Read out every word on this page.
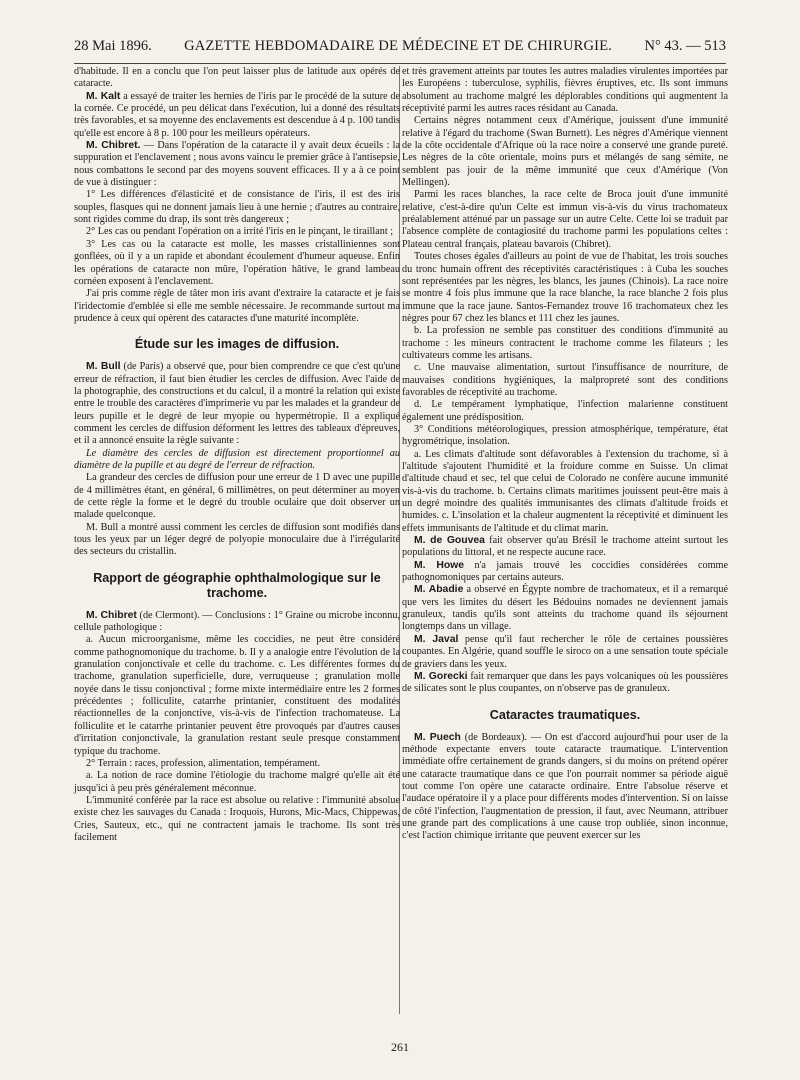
28 Mai 1896. GAZETTE HEBDOMADAIRE DE MÉDECINE ET DE CHIRURGIE. N° 43. — 513

d'habitude. Il en a conclu que l'on peut laisser plus de latitude aux opérés de cataracte.

M. Kalt a essayé de traiter les hernies de l'iris par le procédé de la suture de la cornée. Ce procédé, un peu délicat dans l'exécution, lui a donné des résultats très favorables, et sa moyenne des enclavements est descendue à 4 p. 100 tandis qu'elle est encore à 8 p. 100 pour les meilleurs opérateurs.

M. Chibret. — Dans l'opération de la cataracte il y avait deux écueils : la suppuration et l'enclavement ; nous avons vaincu le premier grâce à l'antisepsie, nous combattons le second par des moyens souvent efficaces. Il y a à ce point de vue à distinguer :

1° Les différences d'élasticité et de consistance de l'iris, il est des iris souples, flasques qui ne donnent jamais lieu à une hernie ; d'autres au contraire, sont rigides comme du drap, ils sont très dangereux ;

2° Les cas ou pendant l'opération on a irrité l'iris en le pinçant, le tiraillant ;

3° Les cas ou la cataracte est molle, les masses cristalliniennes sont gonflées, où il y a un rapide et abondant écoulement d'humeur aqueuse. Enfin les opérations de cataracte non mûre, l'opération hâtive, le grand lambeau cornéen exposent à l'enclavement.

J'ai pris comme règle de tâter mon iris avant d'extraire la cataracte et je fais l'iridectomie d'emblée si elle me semble nécessaire. Je recommande surtout ma prudence à ceux qui opèrent des cataractes d'une maturité incomplète.

Étude sur les images de diffusion.

M. Bull (de Paris) a observé que, pour bien comprendre ce que c'est qu'une erreur de réfraction, il faut bien étudier les cercles de diffusion. Avec l'aide de la photographie, des constructions et du calcul, il a montré la relation qui existe entre le trouble des caractères d'imprimerie vu par les malades et la grandeur de leurs pupille et le degré de leur myopie ou hypermétropie. Il a expliqué comment les cercles de diffusion déforment les lettres des tableaux d'épreuves, et il a annoncé ensuite la règle suivante :

Le diamètre des cercles de diffusion est directement proportionnel au diamètre de la pupille et au degré de l'erreur de réfraction.

La grandeur des cercles de diffusion pour une erreur de 1 D avec une pupille de 4 millimètres étant, en général, 6 millimètres, on peut déterminer au moyen de cette règle la forme et le degré du trouble oculaire que doit observer un malade quelconque.

M. Bull a montré aussi comment les cercles de diffusion sont modifiés dans tous les yeux par un léger degré de polyopie monoculaire due à l'irrégularité des secteurs du cristallin.

Rapport de géographie ophthalmologique sur le trachome.

M. Chibret (de Clermont). — Conclusions : 1° Graine ou microbe inconnu, cellule pathologique :

a. Aucun microorganisme, même les coccidies, ne peut être considéré comme pathognomonique du trachome. b. Il y a analogie entre l'évolution de la granulation conjonctivale et celle du trachome. c. Les différentes formes du trachome, granulation superficielle, dure, verruqueuse ; granulation molle noyée dans le tissu conjonctival ; forme mixte intermédiaire entre les 2 formes précédentes ; folliculite, catarrhe printanier, constituent des modalités réactionnelles de la conjonctive, vis-à-vis de l'infection trachomateuse. La folliculite et le catarrhe printanier peuvent être provoqués par d'autres causes d'irritation conjonctivale, la granulation restant seule presque constamment typique du trachome.

2° Terrain : races, profession, alimentation, tempérament.

a. La notion de race domine l'étiologie du trachome malgré qu'elle ait été jusqu'ici à peu près généralement méconnue.

L'immunité conférée par la race est absolue ou relative : l'immunité absolue existe chez les sauvages du Canada : Iroquois, Hurons, Mic-Macs, Chippewas, Cries, Sauteux, etc., qui ne contractent jamais le trachome. Ils sont très facilement

et très gravement atteints par toutes les autres maladies virulentes importées par les Européens : tuberculose, syphilis, fièvres éruptives, etc. Ils sont immuns absolument au trachome malgré les déplorables conditions qui augmentent la réceptivité parmi les autres races résidant au Canada.

Certains nègres notamment ceux d'Amérique, jouissent d'une immunité relative à l'égard du trachome (Swan Burnett). Les nègres d'Amérique viennent de la côte occidentale d'Afrique où la race noire a conservé une grande pureté. Les nègres de la côte orientale, moins purs et mélangés de sang sémite, ne semblent pas jouir de la même immunité que ceux d'Amérique (Von Mellingen).

Parmi les races blanches, la race celte de Broca jouit d'une immunité relative, c'est-à-dire qu'un Celte est immun vis-à-vis du virus trachomateux préalablement atténué par un passage sur un autre Celte. Cette loi se traduit par l'absence complète de contagiosité du trachome parmi les populations celtes : Plateau central français, plateau bavarois (Chibret).

Toutes choses égales d'ailleurs au point de vue de l'habitat, les trois souches du tronc humain offrent des réceptivités caractéristiques : à Cuba les souches sont représentées par les nègres, les blancs, les jaunes (Chinois). La race noire se montre 4 fois plus immune que la race blanche, la race blanche 2 fois plus immune que la race jaune. Santos-Fernandez trouve 16 trachomateux chez les nègres pour 67 chez les blancs et 111 chez les jaunes.

b. La profession ne semble pas constituer des conditions d'immunité au trachome : les mineurs contractent le trachome comme les filateurs ; les cultivateurs comme les artisans.

c. Une mauvaise alimentation, surtout l'insuffisance de nourriture, de mauvaises conditions hygiéniques, la malpropreté sont des conditions favorables de réceptivité au trachome.

d. Le tempérament lymphatique, l'infection malarienne constituent également une prédisposition.

3° Conditions météorologiques, pression atmosphérique, température, état hygrométrique, insolation.

a. Les climats d'altitude sont défavorables à l'extension du trachome, si à l'altitude s'ajoutent l'humidité et la froidure comme en Suisse. Un climat d'altitude chaud et sec, tel que celui de Colorado ne confère aucune immunité vis-à-vis du trachome. b. Certains climats maritimes jouissent peut-être mais à un degré moindre des qualités immunisantes des climats d'altitude froids et humides. c. L'insolation et la chaleur augmentent la réceptivité et diminuent les effets immunisants de l'altitude et du climat marin.

M. de Gouvea fait observer qu'au Brésil le trachome atteint surtout les populations du littoral, et ne respecte aucune race.

M. Howe n'a jamais trouvé les coccidies considérées comme pathognomoniques par certains auteurs.

M. Abadie a observé en Égypte nombre de trachomateux, et il a remarqué que vers les limites du désert les Bédouins nomades ne deviennent jamais granuleux, tandis qu'ils sont atteints du trachome quand ils séjournent longtemps dans un village.

M. Javal pense qu'il faut rechercher le rôle de certaines poussières coupantes. En Algérie, quand souffle le siroco on a une sensation toute spéciale de graviers dans les yeux.

M. Gorecki fait remarquer que dans les pays volcaniques où les poussières de silicates sont le plus coupantes, on n'observe pas de granuleux.

Cataractes traumatiques.

M. Puech (de Bordeaux). — On est d'accord aujourd'hui pour user de la méthode expectante envers toute cataracte traumatique. L'intervention immédiate offre certainement de grands dangers, si du moins on prétend opérer une cataracte traumatique dans ce que l'on pourrait nommer sa période aiguë tout comme l'on opère une cataracte ordinaire. Entre l'absolue réserve et l'audace opératoire il y a place pour différents modes d'intervention. Si on laisse de côté l'infection, l'augmentation de pression, il faut, avec Neumann, attribuer une grande part des complications à une cause trop oubliée, sinon inconnue, c'est l'action chimique irritante que peuvent exercer sur les

261
